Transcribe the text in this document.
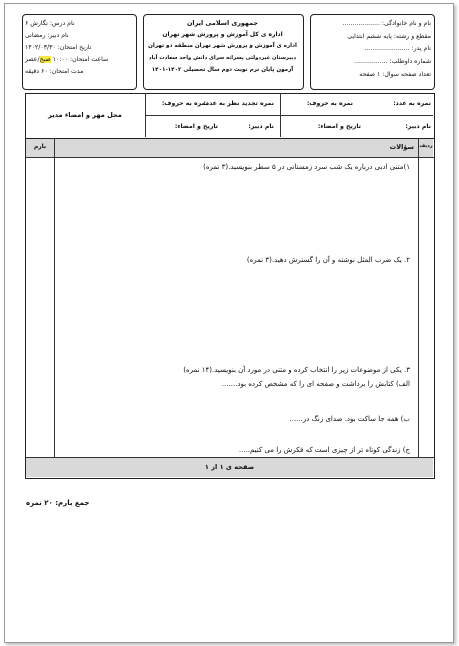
نام درس: نگارش ۶
نام دبیر: رمضانی
تاریخ امتحان: ۱۴۰۲/۰۳/۳۰
ساعت امتحان: ۱۰:۰۰ صبح/عصر
مدت امتحان: ۶۰ دقیقه
جمهوری اسلامی ایران
اداره ی کل آموزش و پرورش شهر تهران
اداره ی آموزش و پرورش شهر تهران منطقه دو تهران
دبیرستان غیردولتی پسرانه سرای دانش واحد سعادت آباد
آزمون پایان ترم نوبت دوم سال تحصیلی ۱۴۰۲-۱۴۰۱
نام و نام خانوادگی: ...................
مقطع و رشته: پایه ششم ابتدایی
نام پدر: .......................
شماره داوطلب: .................
تعداد صفحه سوال: ۱ صفحه
نمره به عدد:
نمره به حروف:
نمره تجدید نظر به عدد:
نمره به حروف:
نام دبیر:
تاریخ و امضاء:
نام دبیر:
تاریخ و امضاء:
محل مهر و امضاء مدیر
ردیف
سؤالات
بارم
۱)متنی ادبی درباره یک شب سرد زمستانی در ۵ سطر بنویسید.(۳ نمره)
۲. یک ضرب المثل نوشته و آن را گسترش دهید.(۳ نمره)
۳. یکی از موضوعات زیر را انتخاب کرده و متنی در مورد آن بنویسید.(۱۴ نمره)
الف) کتابش را برداشت و صفحه ای را که مشخص کرده بود.......
ب) همه جا ساکت بود. صدای زنگ در......
ج) زندگی کوتاه تر از چیزی است که فکرش را می کنیم.....
صفحه ی ۱ از ۱
جمع بارم: ۲۰ نمره
